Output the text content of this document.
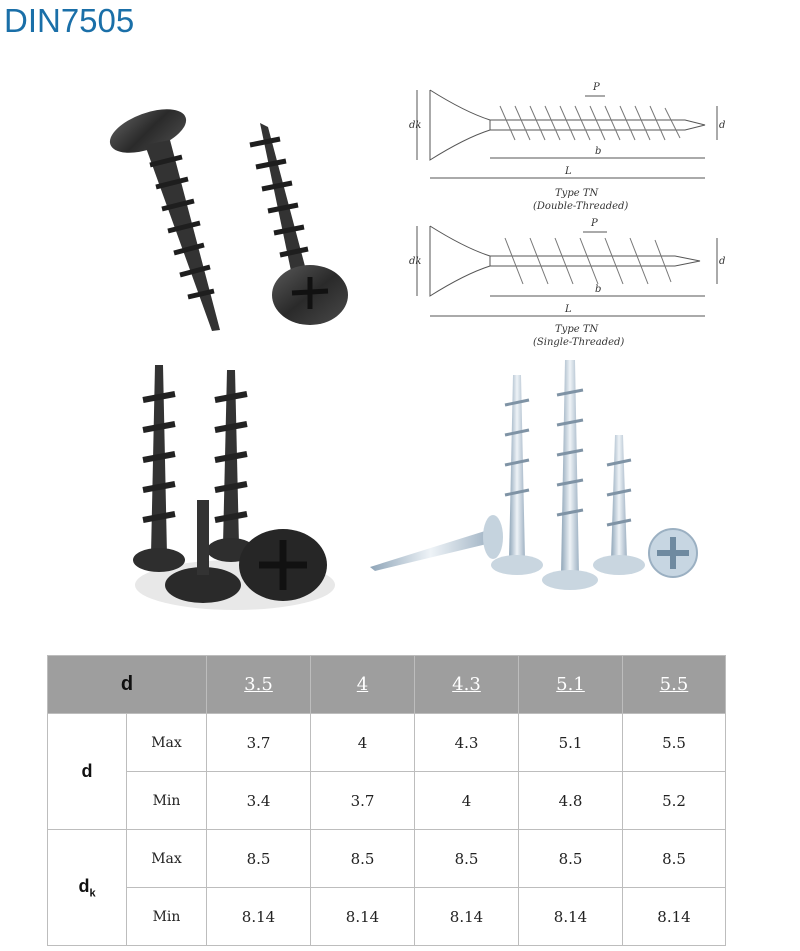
DIN7505
P
dk	d
b
L
Type TN
(Double-Threaded)
P
dk	d
b
L
Type TN
(Single-Threaded)
d		3.5	4	4.3	5.1	5.5
d	Max	3.7	4	4.3	5.1	5.5
	Min	3.4	3.7	4	4.8	5.2
$d_k$	Max	8.5	8.5	8.5	8.5	8.5
	Min	8.14	8.14	8.14	8.14	8.14
